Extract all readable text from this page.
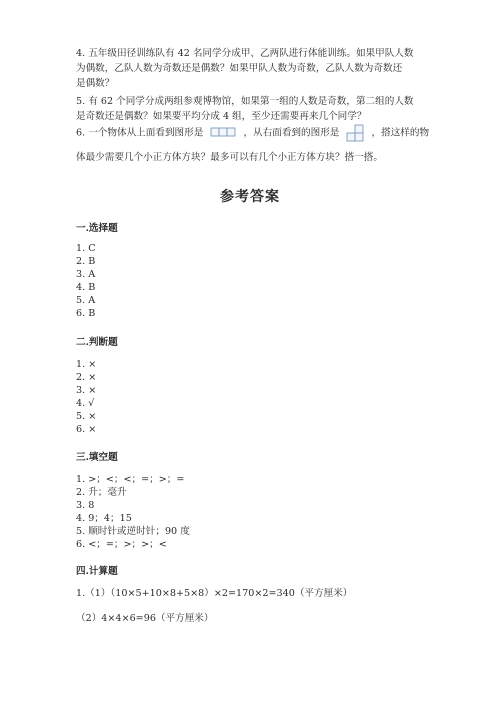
4. 五年级田径训练队有 42 名同学分成甲、乙两队进行体能训练。如果甲队人数
为偶数，乙队人数为奇数还是偶数？如果甲队人数为奇数，乙队人数为奇数还
是偶数？
5. 有 62 个同学分成两组参观博物馆，如果第一组的人数是奇数，第二组的人数
是奇数还是偶数？如果要平均分成 4 组，至少还需要再来几个同学？
6. 一个物体从上面看到图形是	，从右面看到的图形是	，搭这样的物
体最少需要几个小正方体方块？最多可以有几个小正方体方块？搭一搭。
参考答案
一.选择题
1. C
2. B
3. A
4. B
5. A
6. B
二.判断题
1. ×
2. ×
3. ×
4. √
5. ×
6. ×
三.填空题
1. >；<；<；=；>；=
2. 升；毫升
3. 8
4. 9；4；15
5. 顺时针或逆时针；90 度
6. <；=；>；>；<
四.计算题
1.（1）（10×5+10×8+5×8）×2=170×2=340（平方厘米）
（2）4×4×6=96（平方厘米）
